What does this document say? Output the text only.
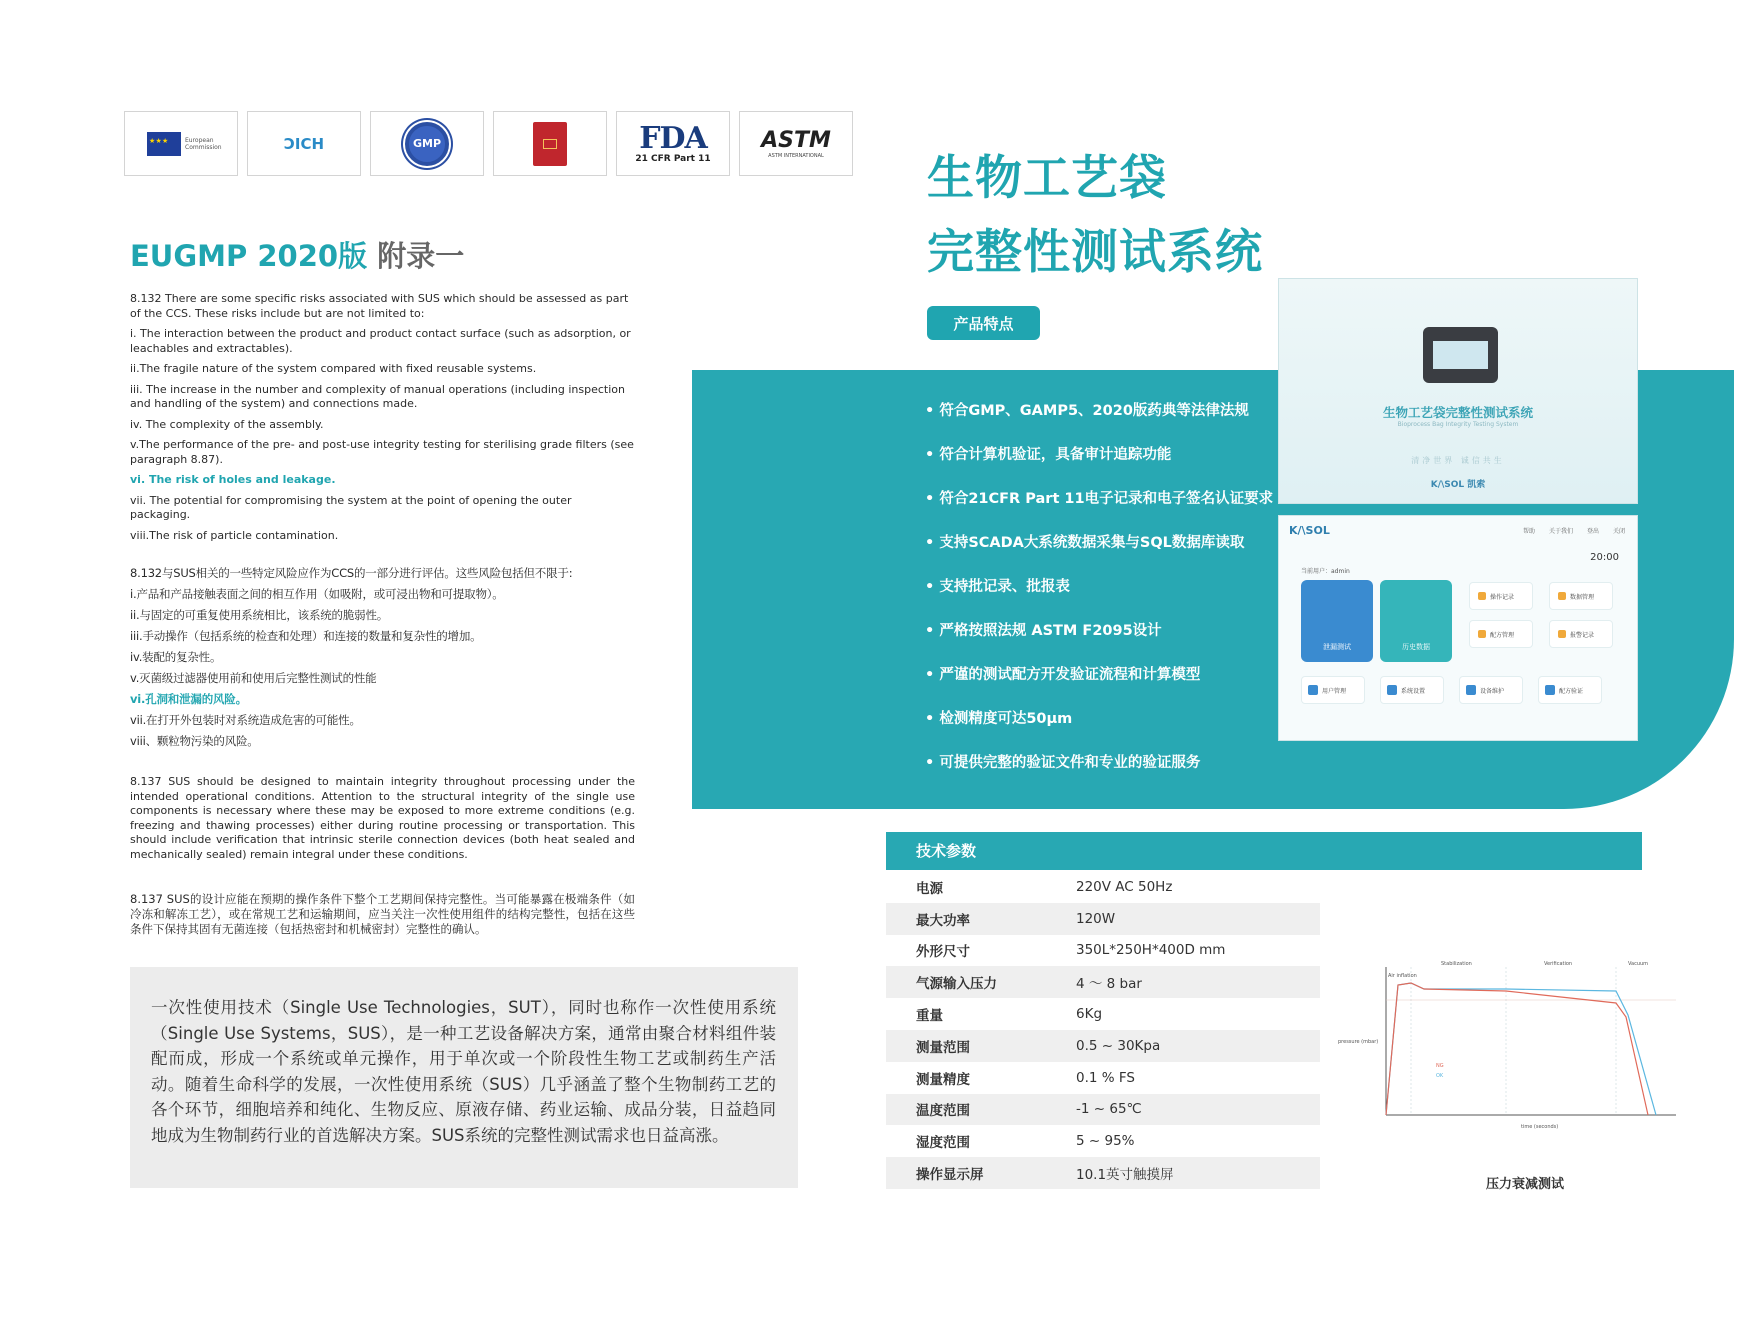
★ ★ ★
European Commission	ƆICH	GMP	FDA
21 CFR Part 11
ASTM
ASTM INTERNATIONAL
EUGMP 2020版 附录一

8.132 There are some specific risks associated with SUS which should be assessed as part of the CCS. These risks include but are not limited to:

i. The interaction between the product and product contact surface (such as adsorption, or leachables and extractables).

ii.The fragile nature of the system compared with fixed reusable systems.

iii. The increase in the number and complexity of manual operations (including inspection and handling of the system) and connections made.

iv. The complexity of the assembly.

v.The performance of the pre- and post-use integrity testing for sterilising grade filters (see paragraph 8.87).

vi. The risk of holes and leakage.

vii. The potential for compromising the system at the point of opening the outer packaging.

viii.The risk of particle contamination.

8.132与SUS相关的一些特定风险应作为CCS的一部分进行评估。这些风险包括但不限于:

i.产品和产品接触表面之间的相互作用（如吸附，或可浸出物和可提取物）。

ii.与固定的可重复使用系统相比，该系统的脆弱性。

iii.手动操作（包括系统的检查和处理）和连接的数量和复杂性的增加。

iv.装配的复杂性。

v.灭菌级过滤器使用前和使用后完整性测试的性能

vi.孔洞和泄漏的风险。

vii.在打开外包装时对系统造成危害的可能性。

viii、颗粒物污染的风险。

8.137 SUS should be designed to maintain integrity throughout processing under the intended operational conditions. Attention to the structural integrity of the single use components is necessary where these may be exposed to more extreme conditions (e.g. freezing and thawing processes) either during routine processing or transportation. This should include verification that intrinsic sterile connection devices (both heat sealed and mechanically sealed) remain integral under these conditions.
8.137 SUS的设计应能在预期的操作条件下整个工艺期间保持完整性。当可能暴露在极端条件（如冷冻和解冻工艺），或在常规工艺和运输期间，应当关注一次性使用组件的结构完整性，包括在这些条件下保持其固有无菌连接（包括热密封和机械密封）完整性的确认。

一次性使用技术（Single Use Technologies，SUT），同时也称作一次性使用系统（Single Use Systems，SUS），是一种工艺设备解决方案，通常由聚合材料组件装配而成，形成一个系统或单元操作，用于单次或一个阶段性生物工艺或制药生产活动。随着生命科学的发展，一次性使用系统（SUS）几乎涵盖了整个生物制药工艺的各个环节，细胞培养和纯化、生物反应、原液存储、药业运输、成品分装，日益趋同地成为生物制药行业的首选解决方案。SUS系统的完整性测试需求也日益高涨。

生物工艺袋
完整性测试系统
产品特点
• 符合GMP、GAMP5、2020版药典等法律法规
• 符合计算机验证，具备审计追踪功能
• 符合21CFR Part 11电子记录和电子签名认证要求
• 支持SCADA大系统数据采集与SQL数据库读取
• 支持批记录、批报表
• 严格按照法规 ASTM F2095设计
• 严谨的测试配方开发验证流程和计算模型
• 检测精度可达50μm
• 可提供完整的验证文件和专业的验证服务
生物工艺袋完整性测试系统
Bioprocess Bag Integrity Testing System
清净世界 诚信共生
K/\SOL 凯索
K/\SOL	帮助 关于我们 登出 关闭
20:00
当前用户：admin
泄漏测试	历史数据
操作记录	数据管理
配方管理	报警记录
用户管理	系统设置	设备维护	配方验证
技术参数
电源	220V AC 50Hz
最大功率	120W
外形尺寸	350L*250H*400D mm
气源输入压力	4 ～ 8 bar
重量	6Kg
测量范围	0.5 ~ 30Kpa
测量精度	0.1 % FS
温度范围	-1 ~ 65℃
湿度范围	5 ~ 95%
操作显示屏	10.1英寸触摸屏
Air inflation
Stabilization	Verification	Vacuum
pressure (mbar)
time (seconds)
NG
OK
压力衰减测试
